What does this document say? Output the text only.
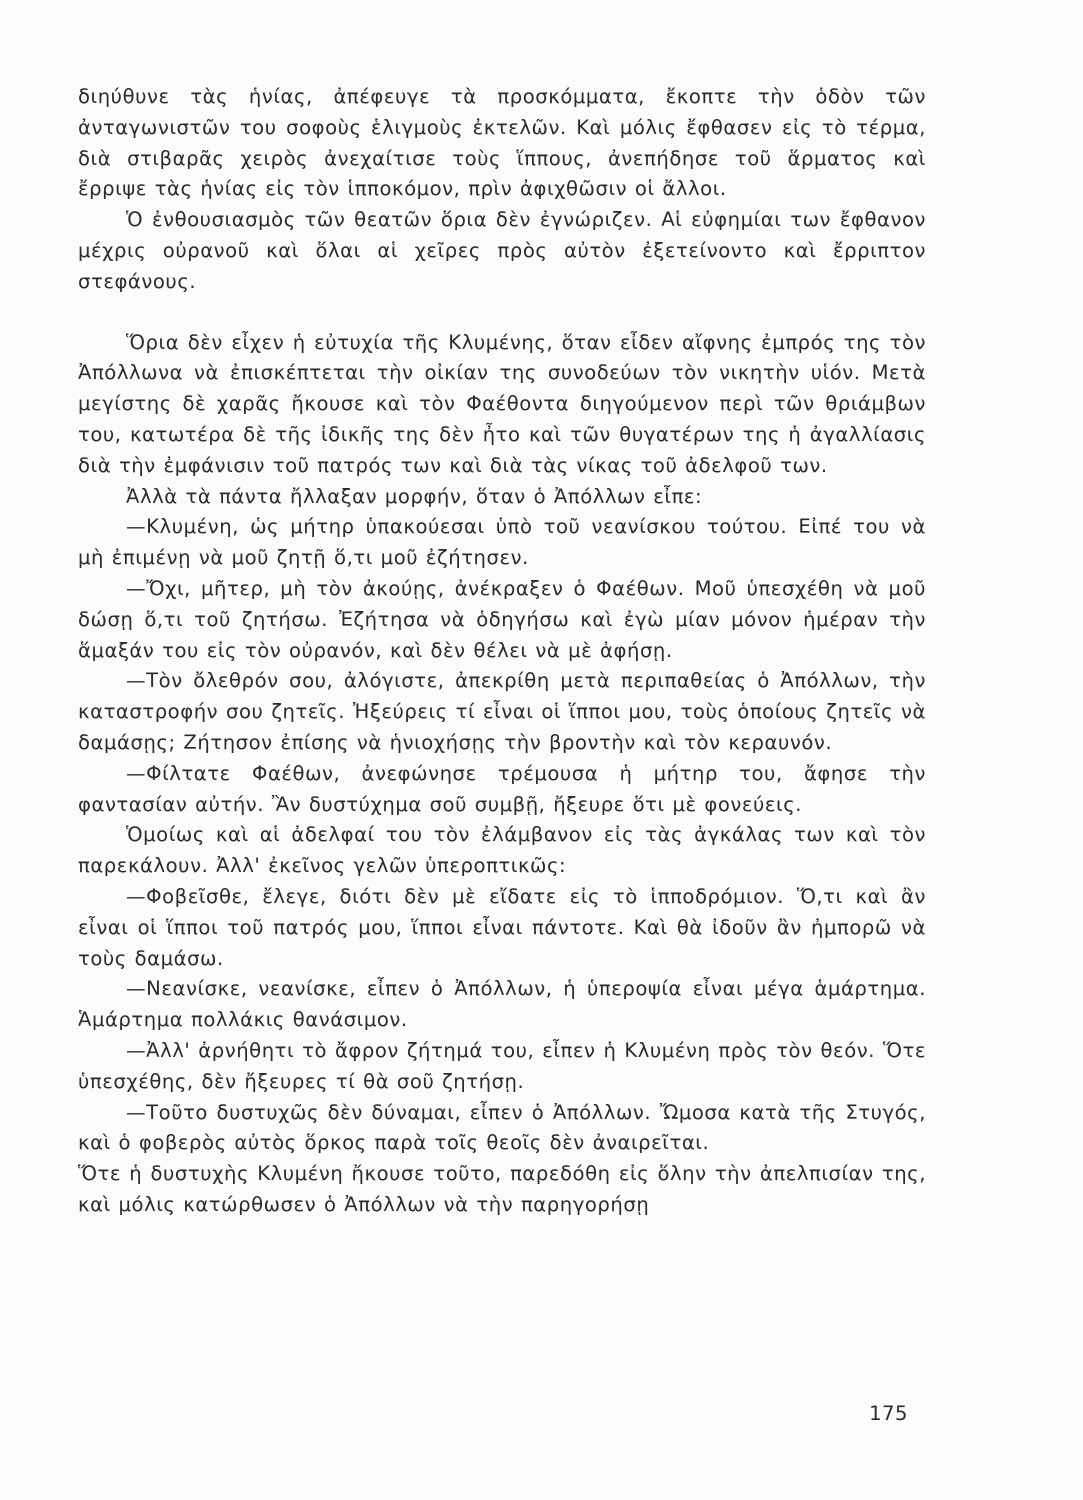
διηύθυνε τὰς ἡνίας, ἀπέφευγε τὰ προσκόμματα, ἔκοπτε τὴν ὁδὸν τῶν ἀνταγωνιστῶν του σοφοὺς ἑλιγμοὺς ἐκτελῶν. Καὶ μόλις ἔφθασεν εἰς τὸ τέρμα, διὰ στιβαρᾶς χειρὸς ἀνεχαίτισε τοὺς ἵππους, ἀνεπήδησε τοῦ ἅρματος καὶ ἔρριψε τὰς ἡνίας εἰς τὸν ἱπποκόμον, πρὶν ἀφιχθῶσιν οἱ ἄλλοι.

Ὁ ἐνθουσιασμὸς τῶν θεατῶν ὅρια δὲν ἐγνώριζεν. Αἱ εὐφημίαι των ἔφθανον μέχρις οὐρανοῦ καὶ ὅλαι αἱ χεῖρες πρὸς αὐτὸν ἐξετείνοντο καὶ ἔρριπτον στεφάνους.

Ὅρια δὲν εἶχεν ἡ εὐτυχία τῆς Κλυμένης, ὅταν εἶδεν αἴφνης ἐμπρός της τὸν Ἀπόλλωνα νὰ ἐπισκέπτεται τὴν οἰκίαν της συνοδεύων τὸν νικητὴν υἱόν. Μετὰ μεγίστης δὲ χαρᾶς ἤκουσε καὶ τὸν Φαέθοντα διηγούμενον περὶ τῶν θριάμβων του, κατωτέρα δὲ τῆς ἰδικῆς της δὲν ἦτο καὶ τῶν θυγατέρων της ἡ ἀγαλλίασις διὰ τὴν ἐμφάνισιν τοῦ πατρός των καὶ διὰ τὰς νίκας τοῦ ἀδελφοῦ των.

Ἀλλὰ τὰ πάντα ἤλλαξαν μορφήν, ὅταν ὁ Ἀπόλλων εἶπε:

—Κλυμένη, ὡς μήτηρ ὑπακούεσαι ὑπὸ τοῦ νεανίσκου τούτου. Εἰπέ του νὰ μὴ ἐπιμένῃ νὰ μοῦ ζητῇ ὅ,τι μοῦ ἐζήτησεν.

—Ὄχι, μῆτερ, μὴ τὸν ἀκούῃς, ἀνέκραξεν ὁ Φαέθων. Μοῦ ὑπεσχέθη νὰ μοῦ δώσῃ ὅ,τι τοῦ ζητήσω. Ἐζήτησα νὰ ὁδηγήσω καὶ ἐγὼ μίαν μόνον ἡμέραν τὴν ἅμαξάν του εἰς τὸν οὐρανόν, καὶ δὲν θέλει νὰ μὲ ἀφήσῃ.

—Τὸν ὄλεθρόν σου, ἀλόγιστε, ἀπεκρίθη μετὰ περιπαθείας ὁ Ἀπόλλων, τὴν καταστροφήν σου ζητεῖς. Ἠξεύρεις τί εἶναι οἱ ἵπποι μου, τοὺς ὁποίους ζητεῖς νὰ δαμάσῃς; Ζήτησον ἐπίσης νὰ ἡνιοχήσῃς τὴν βροντὴν καὶ τὸν κεραυνόν.

—Φίλτατε Φαέθων, ἀνεφώνησε τρέμουσα ἡ μήτηρ του, ἄφησε τὴν φαντασίαν αὐτήν. Ἂν δυστύχημα σοῦ συμβῇ, ἤξευρε ὅτι μὲ φονεύεις.

Ὁμοίως καὶ αἱ ἀδελφαί του τὸν ἐλάμβανον εἰς τὰς ἀγκάλας των καὶ τὸν παρεκάλουν. Ἀλλ' ἐκεῖνος γελῶν ὑπεροπτικῶς:

—Φοβεῖσθε, ἔλεγε, διότι δὲν μὲ εἴδατε εἰς τὸ ἱπποδρόμιον. Ὅ,τι καὶ ἂν εἶναι οἱ ἵπποι τοῦ πατρός μου, ἵπποι εἶναι πάντοτε. Καὶ θὰ ἰδοῦν ἂν ἠμπορῶ νὰ τοὺς δαμάσω.

—Νεανίσκε, νεανίσκε, εἶπεν ὁ Ἀπόλλων, ἡ ὑπεροψία εἶναι μέγα ἁμάρτημα. Ἁμάρτημα πολλάκις θανάσιμον.

—Ἀλλ' ἀρνήθητι τὸ ἄφρον ζήτημά του, εἶπεν ἡ Κλυμένη πρὸς τὸν θεόν. Ὅτε ὑπεσχέθης, δὲν ἤξευρες τί θὰ σοῦ ζητήσῃ.

—Τοῦτο δυστυχῶς δὲν δύναμαι, εἶπεν ὁ Ἀπόλλων. Ὤμοσα κατὰ τῆς Στυγός, καὶ ὁ φοβερὸς αὐτὸς ὅρκος παρὰ τοῖς θεοῖς δὲν ἀναιρεῖται.

Ὅτε ἡ δυστυχὴς Κλυμένη ἤκουσε τοῦτο, παρεδόθη εἰς ὅλην τὴν ἀπελπισίαν της, καὶ μόλις κατώρθωσεν ὁ Ἀπόλλων νὰ τὴν παρηγορήσῃ

175
